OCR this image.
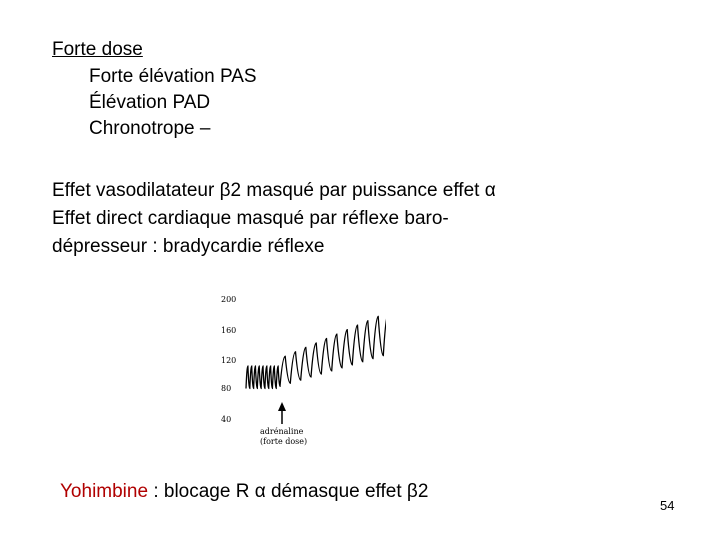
Forte dose
Forte élévation PAS
Élévation PAD
Chronotrope –
Effet vasodilatateur β2 masqué par puissance effet α
Effet direct cardiaque masqué par réflexe baro-
dépresseur : bradycardie réflexe
200
160
120
80
40
adrénaline
(forte dose)
Yohimbine : blocage R α démasque effet β2
54
